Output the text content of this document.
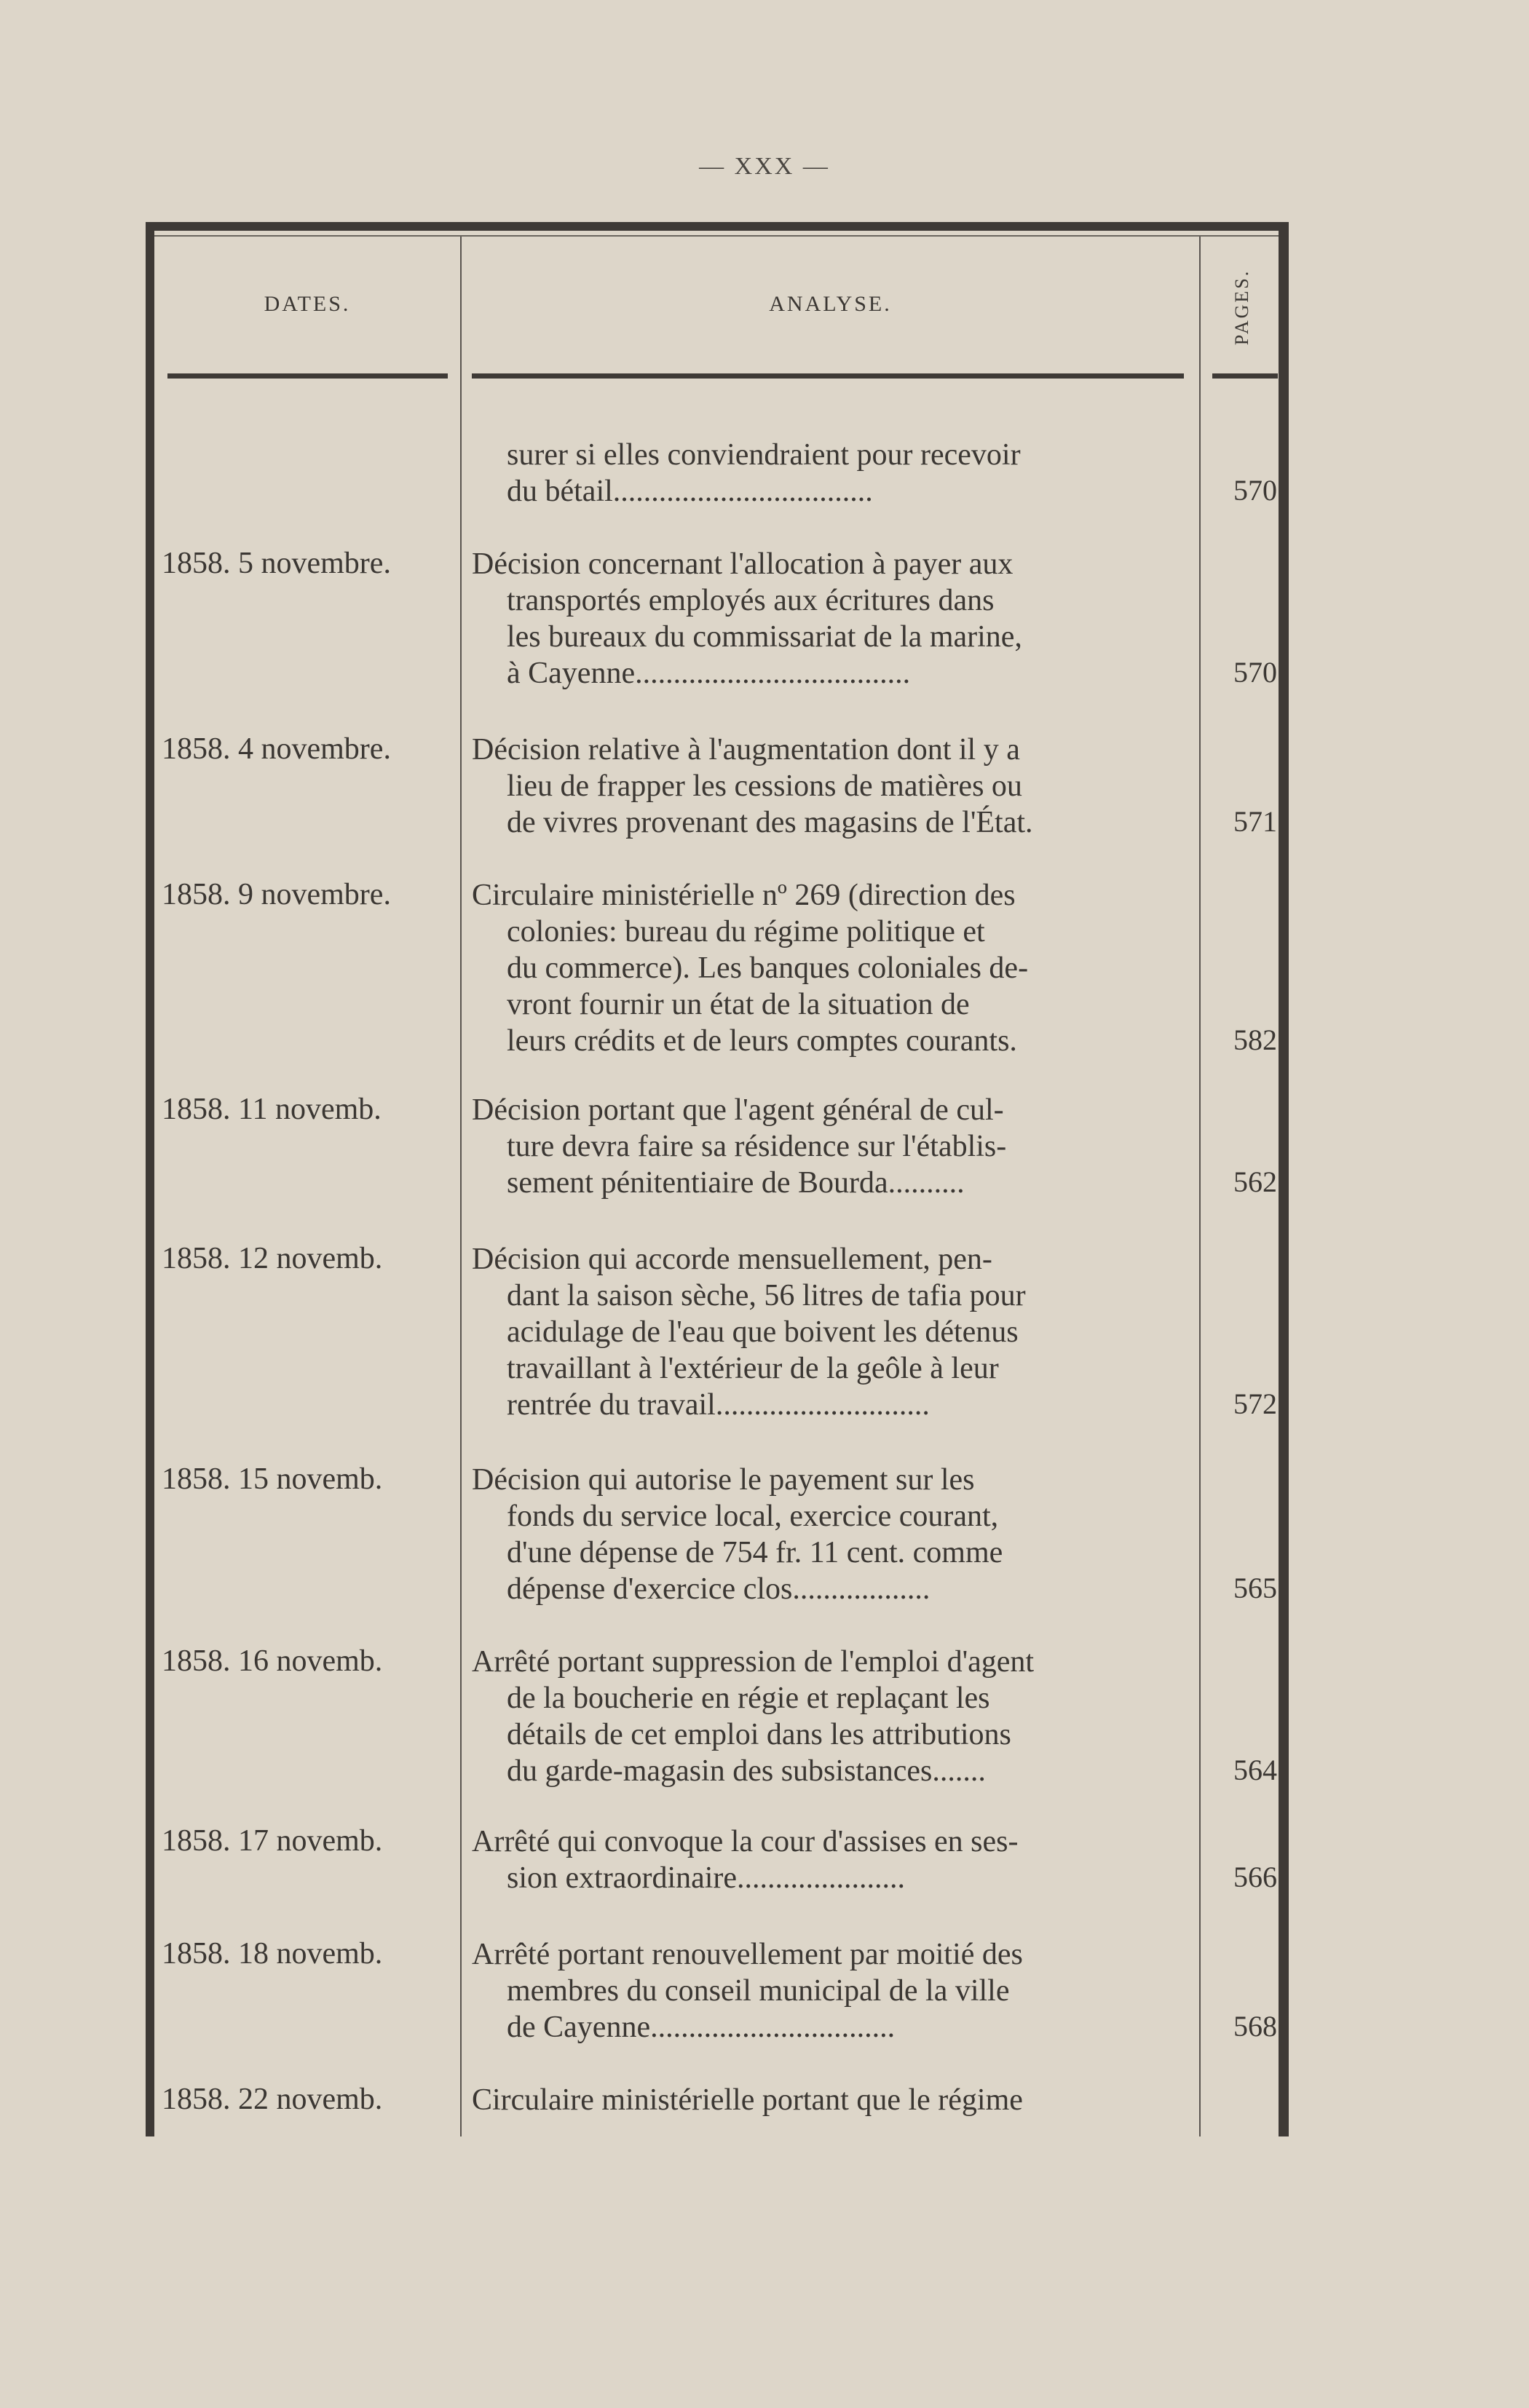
— XXX —
DATES.	ANALYSE.	PAGES.
surer si elles conviendraient pour recevoir
du bétail..................................	570
1858. 5 novembre.	Décision concernant l'allocation à payer aux
transportés employés aux écritures dans
les bureaux du commissariat de la marine,
à Cayenne....................................	570
1858. 4 novembre.	Décision relative à l'augmentation dont il y a
lieu de frapper les cessions de matières ou
de vivres provenant des magasins de l'État.	571
1858. 9 novembre.	Circulaire ministérielle nº 269 (direction des
colonies: bureau du régime politique et
du commerce). Les banques coloniales de-
vront fournir un état de la situation de
leurs crédits et de leurs comptes courants.	582
1858. 11 novemb.	Décision portant que l'agent général de cul-
ture devra faire sa résidence sur l'établis-
sement pénitentiaire de Bourda..........	562
1858. 12 novemb.	Décision qui accorde mensuellement, pen-
dant la saison sèche, 56 litres de tafia pour
acidulage de l'eau que boivent les détenus
travaillant à l'extérieur de la geôle à leur
rentrée du travail............................	572
1858. 15 novemb.	Décision qui autorise le payement sur les
fonds du service local, exercice courant,
d'une dépense de 754 fr. 11 cent. comme
dépense d'exercice clos..................	565
1858. 16 novemb.	Arrêté portant suppression de l'emploi d'agent
de la boucherie en régie et replaçant les
détails de cet emploi dans les attributions
du garde-magasin des subsistances.......	564
1858. 17 novemb.	Arrêté qui convoque la cour d'assises en ses-
sion extraordinaire......................	566
1858. 18 novemb.	Arrêté portant renouvellement par moitié des
membres du conseil municipal de la ville
de Cayenne................................	568
1858. 22 novemb.	Circulaire ministérielle portant que le régime
